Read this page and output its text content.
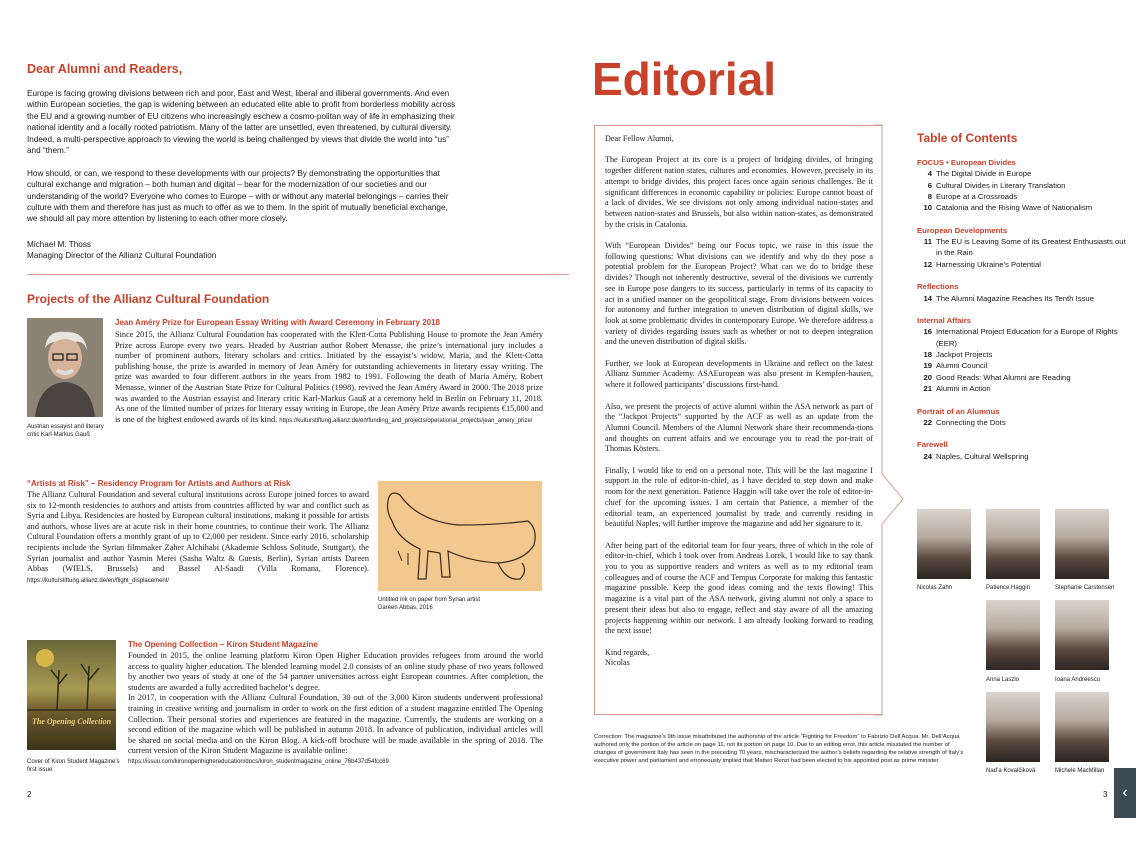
Dear Alumni and Readers,

Europe is facing growing divisions between rich and poor, East and West, liberal and illiberal governments. And even within European societies, the gap is widening between an educated elite able to profit from borderless mobility across the EU and a growing number of EU citizens who increasingly eschew a cosmo-politan way of life in emphasizing their national identity and a locally rooted patriotism. Many of the latter are unsettled, even threatened, by cultural diversity. Indeed, a multi-perspective approach to viewing the world is being challenged by views that divide the world into “us” and “them.”

How should, or can, we respond to these developments with our projects? By demonstrating the opportunities that cultural exchange and migration – both human and digital – bear for the modernization of our societies and our understanding of the world? Everyone who comes to Europe – with or without any material belongings – carries their culture with them and therefore has just as much to offer as we to them. In the spirit of mutually beneficial exchange, we should all pay more attention by listening to each other more closely.

Michael M. Thoss
Managing Director of the Allianz Cultural Foundation
Projects of the Allianz Cultural Foundation
Austrian essayist and literary critic Karl-Markus Gauß
Jean Améry Prize for European Essay Writing with Award Ceremony in February 2018
Since 2015, the Allianz Cultural Foundation has cooperated with the Klett-Cotta Publishing House to promote the Jean Améry Prize across Europe every two years. Headed by Austrian author Robert Menasse, the prize’s international jury includes a number of prominent authors, literary scholars and critics. Initiated by the essayist’s widow, Maria, and the Klett-Cotta publishing house, the prize is awarded in memory of Jean Améry for outstanding achievements in literary essay writing. The prize was awarded to four different authors in the years from 1982 to 1991. Following the death of Maria Améry, Robert Menasse, winner of the Austrian State Prize for Cultural Politics (1998), revived the Jean Améry Award in 2000. The 2018 prize was awarded to the Austrian essayist and literary critic Karl-Markus Gauß at a ceremony held in Berlin on February 11, 2018. As one of the limited number of prizes for literary essay writing in Europe, the Jean Améry Prize awards recipients €15,000 and is one of the highest endowed awards of its kind. https://kulturstiftung.allianz.de/en/funding_and_projects/operational_projects/jean_amery_prize/
“Artists at Risk” – Residency Program for Artists and Authors at Risk
The Allianz Cultural Foundation and several cultural institutions across Europe joined forces to award six to 12-month residencies to authors and artists from countries afflicted by war and conflict such as Syria and Libya. Residencies are hosted by European cultural institutions, making it possible for artists and authors, whose lives are at acute risk in their home countries, to continue their work. The Allianz Cultural Foundation offers a monthly grant of up to €2,000 per resident. Since early 2016, scholarship recipients include the Syrian filmmaker Zaher Alchihabi (Akademie Schloss Solitude, Stuttgart), the Syrian journalist and author Yasmin Merei (Sasha Waltz & Guests, Berlin), Syrian artists Dareen Abbas (WIELS, Brussels) and Bassel Al-Saadi (Villa Romana, Florence). https://kulturstiftung.allianz.de/en/flight_displacement/
Untitled ink on paper from Syrian artist
Dareen Abbas, 2016
The Opening Collection
Cover of Kiron Student Magazine’s first issue
The Opening Collection – Kiron Student Magazine
Founded in 2015, the online learning platform Kiron Open Higher Education provides refugees from around the world access to quality higher education. The blended learning model 2.0 consists of an online study phase of two years followed by another two years of study at one of the 54 partner universities across eight European countries. After completion, the students are awarded a fully accredited bachelor’s degree.
In 2017, in cooperation with the Allianz Cultural Foundation, 30 out of the 3,000 Kiron students underwent professional training in creative writing and journalism in order to work on the first edition of a student magazine entitled The Opening Collection. Their personal stories and experiences are featured in the magazine. Currently, the students are working on a second edition of the magazine which will be published in autumn 2018. In advance of publication, individual articles will be shared on social media and on the Kiron Blog. A kick-off brochure will be made available in the spring of 2018. The current version of the Kiron Student Magazine is available online:
https://issuu.com/kironopenhighereducation/docs/kiron_studentmagazine_online_76b437d54fcc69
2
Editorial

Dear Fellow Alumni,

The European Project at its core is a project of bridging divides, of bringing together different nation states, cultures and economies. However, precisely in its attempt to bridge divides, this project faces once again serious challenges. Be it significant differences in economic capability or policies: Europe cannot boast of a lack of divides. We see divisions not only among individual nation-states and between nation-states and Brussels, but also within nation-states, as demonstrated by the crisis in Catalonia.

With “European Divides” being our Focus topic, we raise in this issue the following questions: What divisions can we identify and why do they pose a potential problem for the European Project? What can we do to bridge these divides? Though not inherently destructive, several of the divisions we currently see in Europe pose dangers to its success, particularly in terms of its capacity to act in a unified manner on the geopolitical stage. From divisions between voices for autonomy and further integration to uneven distribution of digital skills, we look at some problematic divides in contemporary Europe. We therefore address a variety of divides regarding issues such as whether or not to deepen integration and the uneven distribution of digital skills.

Further, we look at European developments in Ukraine and reflect on the latest Allianz Summer Academy. ASAEuropean was also present in Kempfen-hausen, where it followed participants’ discussions first-hand.

Also, we present the projects of active alumni within the ASA network as part of the “Jackpot Projects” supported by the ACF as well as an update from the Alumni Council. Members of the Alumni Network share their recommenda-tions and thoughts on current affairs and we encourage you to read the por-trait of Thomas Kösters.

Finally, I would like to end on a personal note. This will be the last magazine I support in the role of editor-in-chief, as I have decided to step down and make room for the next generation. Patience Haggin will take over the role of editor-in-chief for the upcoming issues. I am certain that Patience, a member of the editorial team, an experienced journalist by trade and currently residing in beautiful Naples, will further improve the magazine and add her signature to it.

After being part of the editorial team for four years, three of which in the role of editor-in-chief, which I took over from Andreas Lorek, I would like to say thank you to you as supportive readers and writers as well as to my editorial team colleagues and of course the ACF and Tempus Corporate for making this fantastic magazine possible. Keep the good ideas coming and the texts flowing! This magazine is a vital part of the ASA network, giving alumni not only a space to present their ideas but also to engage, reflect and stay aware of all the amazing projects happening within our network. I am already looking forward to reading the next issue!

Kind regards,
Nicolas
Table of Contents
FOCUS • European Divides
4 The Digital Divide in Europe
6 Cultural Divides in Literary Translation
8 Europe at a Crossroads
10 Catalonia and the Rising Wave of Nationalism
European Developments
11 The EU is Leaving Some of its Greatest Enthusiasts out in the Rain
12 Harnessing Ukraine’s Potential
Reflections
14 The Alumni Magazine Reaches Its Tenth Issue
Internal Affairs
16 International Project Education for a Europe of Rights (EER)
18 Jackpot Projects
19 Alumni Council
20 Good Reads: What Alumni are Reading
21 Alumni in Action
Portrait of an Alumnus
22 Connecting the Dots
Farewell
24 Naples, Cultural Wellspring
Nicolas Zahn	Patience Haggin	Stephanie Carstensen
Anna Laszlo	Ioana Andreescu
Nad’a Kovalčiková	Michele MacMillan
Correction: The magazine’s 9th issue misattributed the authorship of the article “Fighting for Freedom” to Fabrizio Dell’Acqua. Mr. Dell’Acqua authored only the portion of the article on page 11, not its portion on page 10. Due to an editing error, this article misstated the number of changes of government Italy has seen in the preceding 70 years, mischaracterized the author’s beliefs regarding the relative strength of Italy’s executive power and parliament and erroneously implied that Matteo Renzi had been elected to his appointed post as prime minister.
3 ‹
